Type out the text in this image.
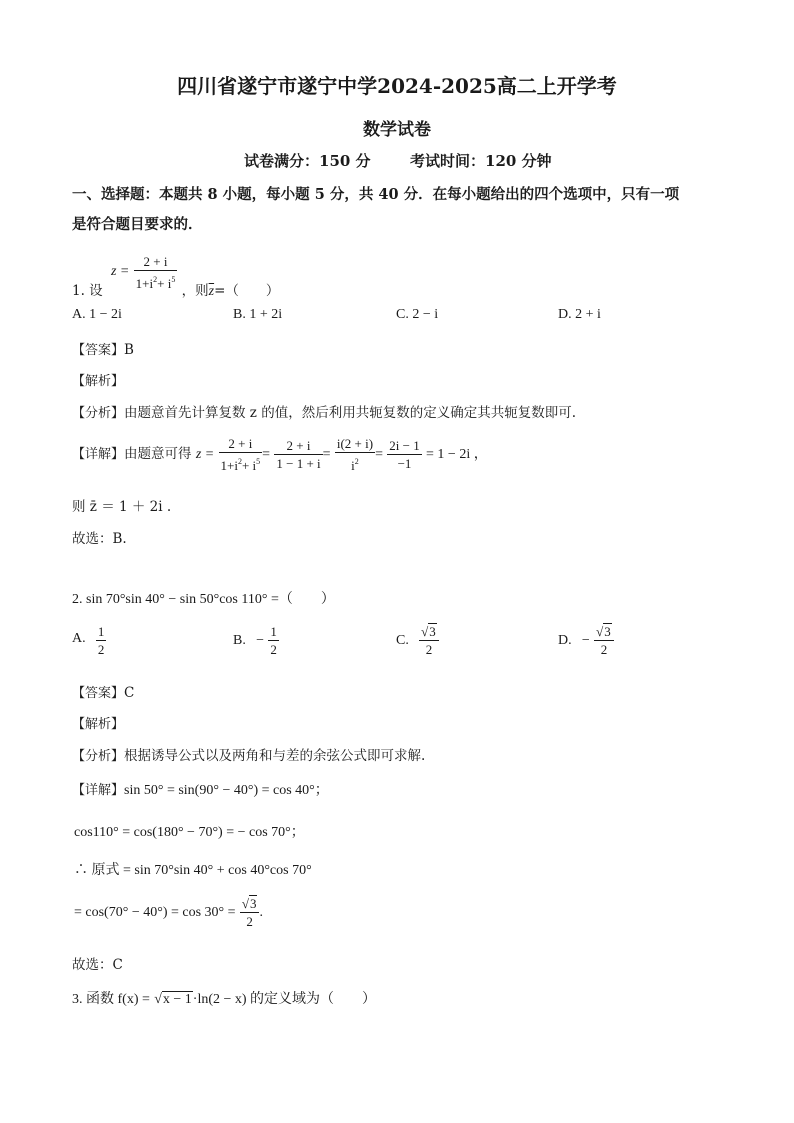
四川省遂宁市遂宁中学2024-2025高二上开学考
数学试卷
试卷满分：150 分	考试时间：120 分钟
一、选择题：本题共 8 小题，每小题 5 分，共 40 分．在每小题给出的四个选项中，只有一项
是符合题目要求的．
1. 设 $z = \frac{2 + i}{1+i^2+ i^5}$ ，则$\overline{z}=$（　　）
A. 1 − 2i	B. 1 + 2i	C. 2 − i	D. 2 + i
【答案】B
【解析】
【分析】由题意首先计算复数 z 的值，然后利用共轭复数的定义确定其共轭复数即可.
【详解】由题意可得 $z = \frac{2 + i}{1+i^2+ i^5} = \frac{2 + i}{1 - 1 + i} = \frac{i(2 + i)}{i^2} = \frac{2i - 1}{-1} = 1 - 2i$ ，
则 z̄ ＝ 1 ＋ 2i .
故选：B.
2. sin 70°sin 40° − sin 50°cos 110° =（　　）
A. $\frac{1}{2}$	B. − $\frac{1}{2}$	C. $\frac{√3}{2}$	D. − $\frac{√3}{2}$
【答案】C
【解析】
【分析】根据诱导公式以及两角和与差的余弦公式即可求解.
【详解】sin 50° = sin(90° − 40°) = cos 40°；
cos110° = cos(180° − 70°) = − cos 70°；
∴ 原式 = sin 70°sin 40° + cos 40°cos 70°
= $\cos(70^\circ - 40^\circ) = \cos 30^\circ = \frac{√3}{2}$ .
故选：C
3. 函数 f(x) = √x − 1·ln(2 − x) 的定义域为（　　）
